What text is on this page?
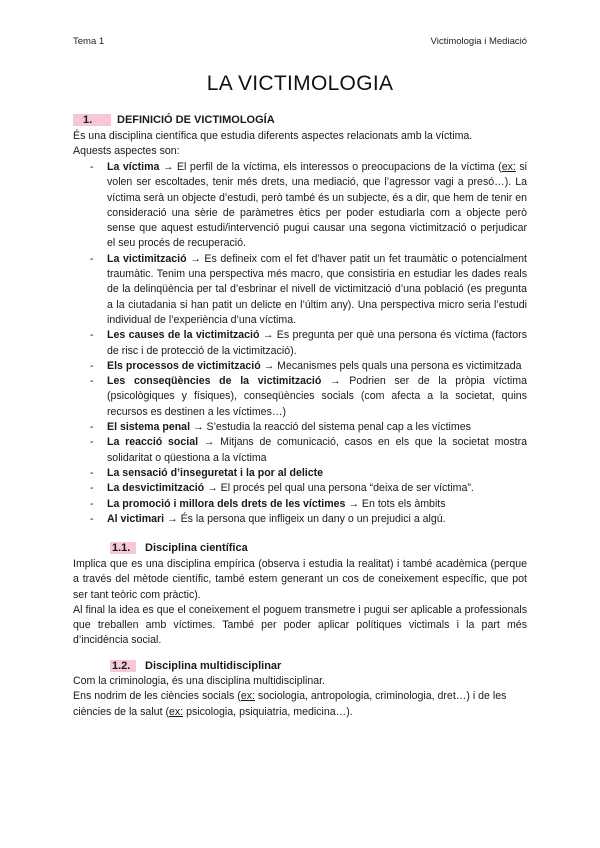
Tema 1	Victimologia i Mediació
LA VICTIMOLOGIA
1. DEFINICIÓ DE VICTIMOLOGÍA

És una disciplina científica que estudia diferents aspectes relacionats amb la víctima.

Aquests aspectes son:

- La víctima → El perfil de la víctima, els interessos o preocupacions de la víctima (ex: si volen ser escoltades, tenir més drets, una mediació, que l’agressor vagi a presó…). La víctima serà un objecte d’estudi, però també és un subjecte, és a dir, que hem de tenir en consideració una sèrie de paràmetres ètics per poder estudiarla com a objecte però sense que aquest estudi/intervenció pugui causar una segona victimització o perjudicar el seu procés de recuperació.
- La victimització → Es defineix com el fet d’haver patit un fet traumàtic o potencialment traumàtic. Tenim una perspectiva més macro, que consistiria en estudiar les dades reals de la delinqüència per tal d’esbrinar el nivell de victimització d’una població (es pregunta a la ciutadania si han patit un delicte en l’últim any). Una perspectiva micro seria l’estudi individual de l’experiència d’una víctima.
- Les causes de la victimització → Es pregunta per què una persona és víctima (factors de risc i de protecció de la victimització).
- Els processos de victimització → Mecanismes pels quals una persona es victimitzada
- Les conseqüències de la victimització → Podrien ser de la pròpia víctima (psicològiques y físiques), conseqüències socials (com afecta a la societat, quins recursos es destinen a les víctimes…)
- El sistema penal → S’estudia la reacció del sistema penal cap a les víctimes
- La reacció social → Mitjans de comunicació, casos en els que la societat mostra solidaritat o qüestiona a la víctima
- La sensació d’inseguretat i la por al delicte
- La desvictimització → El procés pel qual una persona “deixa de ser víctima”.
- La promoció i millora dels drets de les víctimes → En tots els àmbits
- Al victimari → És la persona que infligeix un dany o un prejudici a algú.
1.1. Disciplina científica

Implica que es una disciplina empírica (observa i estudia la realitat) i també acadèmica (perque a través del mètode científic, també estem generant un cos de coneixement específic, que pot ser tant teòric com pràctic).

Al final la idea es que el coneixement el poguem transmetre i pugui ser aplicable a professionals que treballen amb víctimes. També per poder aplicar polítiques victimals i la part més d’incidència social.

1.2. Disciplina multidisciplinar

Com la criminologia, és una disciplina multidisciplinar.

Ens nodrim de les ciències socials (ex: sociologia, antropologia, criminologia, dret…) i de les ciències de la salut (ex: psicologia, psiquiatria, medicina…).
